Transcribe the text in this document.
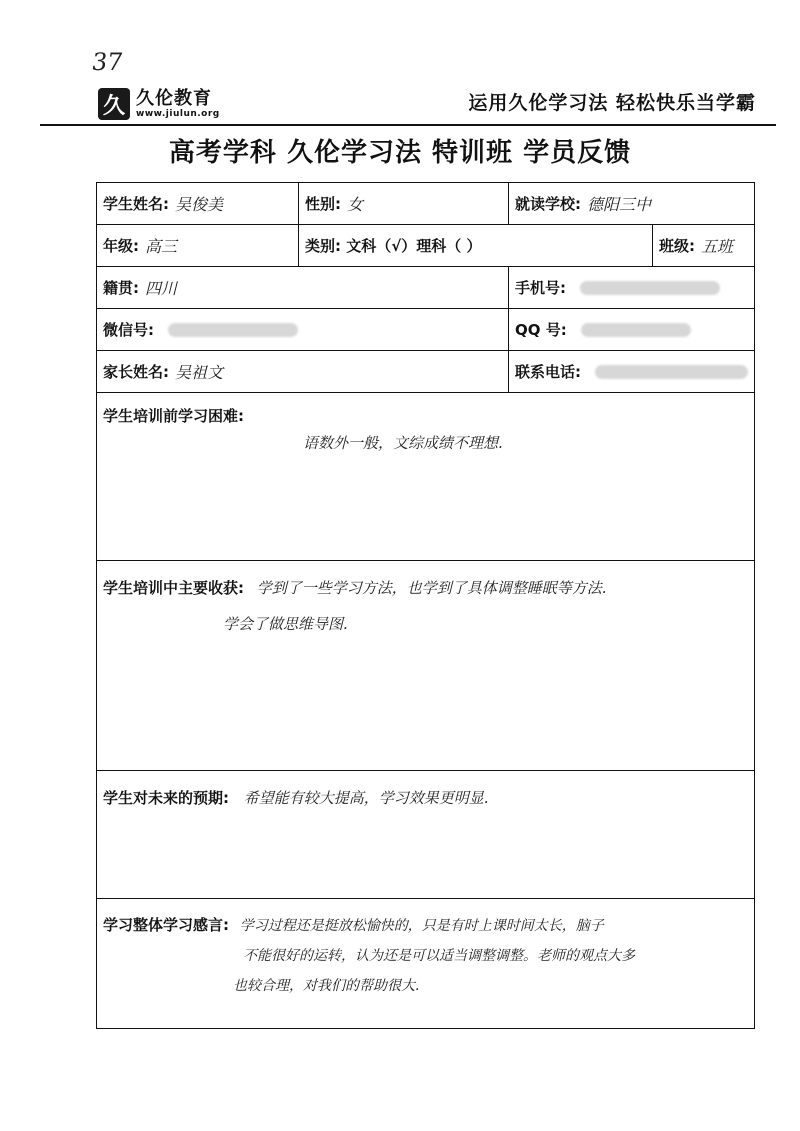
37
久 久伦教育
www.jiulun.org	运用久伦学习法 轻松快乐当学霸
高考学科 久伦学习法 特训班 学员反馈
学生姓名: 吴俊美	性别: 女	就读学校: 德阳三中	

年级: 高三	类别: 文科（√）理科（ ）		班级: 五班

籍贯: 四川		手机号:	

微信号:		QQ 号:	

家长姓名: 吴祖文		联系电话:	

学生培训前学习困难:
语数外一般，文综成绩不理想.			

学生培训中主要收获: 学到了一些学习方法，也学到了具体调整睡眠等方法.
学会了做思维导图.			

学生对未来的预期: 希望能有较大提高，学习效果更明显.			
学习整体学习感言: 学习过程还是挺放松愉快的，只是有时上课时间太长，脑子
不能很好的运转，认为还是可以适当调整调整。老师的观点大多
也较合理，对我们的帮助很大.			
